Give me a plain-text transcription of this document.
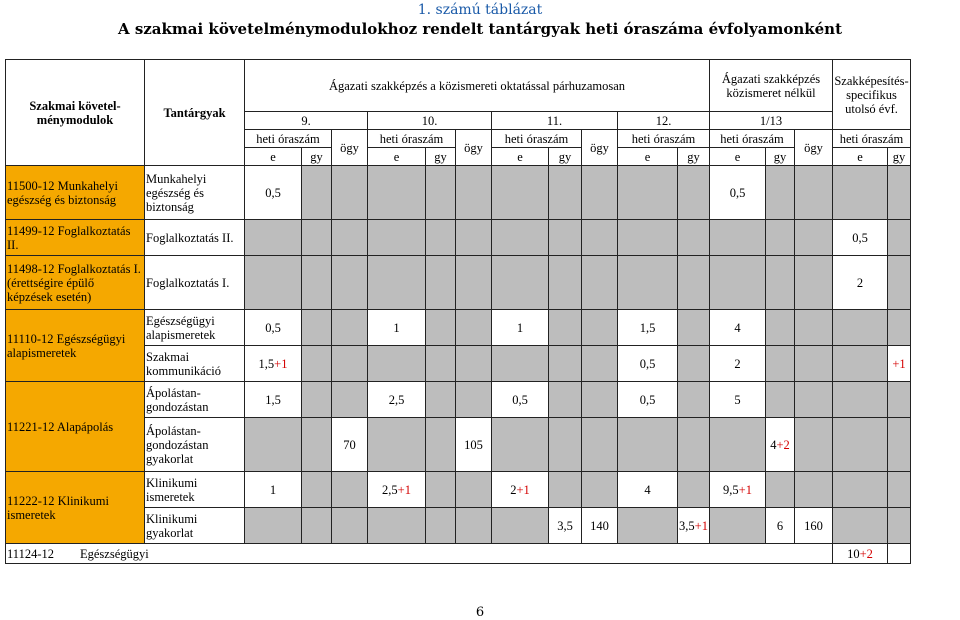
1. számú táblázat
A szakmai követelménymodulokhoz rendelt tantárgyak heti óraszáma évfolyamonként
Szakmai követel-ménymodulok	Tantárgyak	Ágazati szakképzés a közismereti oktatással párhuzamosan											Ágazati szakképzés közismeret nélkül			Szakképesítés-specifikus utolsó évf.	
		9.			10.			11.			12.		1/13				
		heti óraszám		ögy	heti óraszám		ögy	heti óraszám		ögy	heti óraszám		heti óraszám		ögy	heti óraszám	
		e	gy		e	gy		e	gy		e	gy	e	gy		e	gy
11500-12 Munkahelyi egészség és biztonság	Munkahelyi egészség és biztonság	0,5											0,5				
11499-12 Foglalkoztatás II.	Foglalkoztatás II.															0,5	
11498-12 Foglalkoztatás I. (érettségire épülő képzések esetén)	Foglalkoztatás I.															2	
11110-12 Egészségügyi alapismeretek	Egészségügyi alapismeretek	0,5			1			1			1,5		4				
	Szakmai kommunikáció	1,5+1									0,5		2				+1
11221-12 Alapápolás	Ápolástan-gondozástan	1,5			2,5			0,5			0,5		5				
	Ápolástan-gondozástan gyakorlat			70			105							4+2			
11222-12 Klinikumi ismeretek	Klinikumi ismeretek	1			2,5+1			2+1			4		9,5+1				
	Klinikumi gyakorlat								3,5	140		3,5+1		6	160		
11124-12 Egészségügyi																10+2	
6
